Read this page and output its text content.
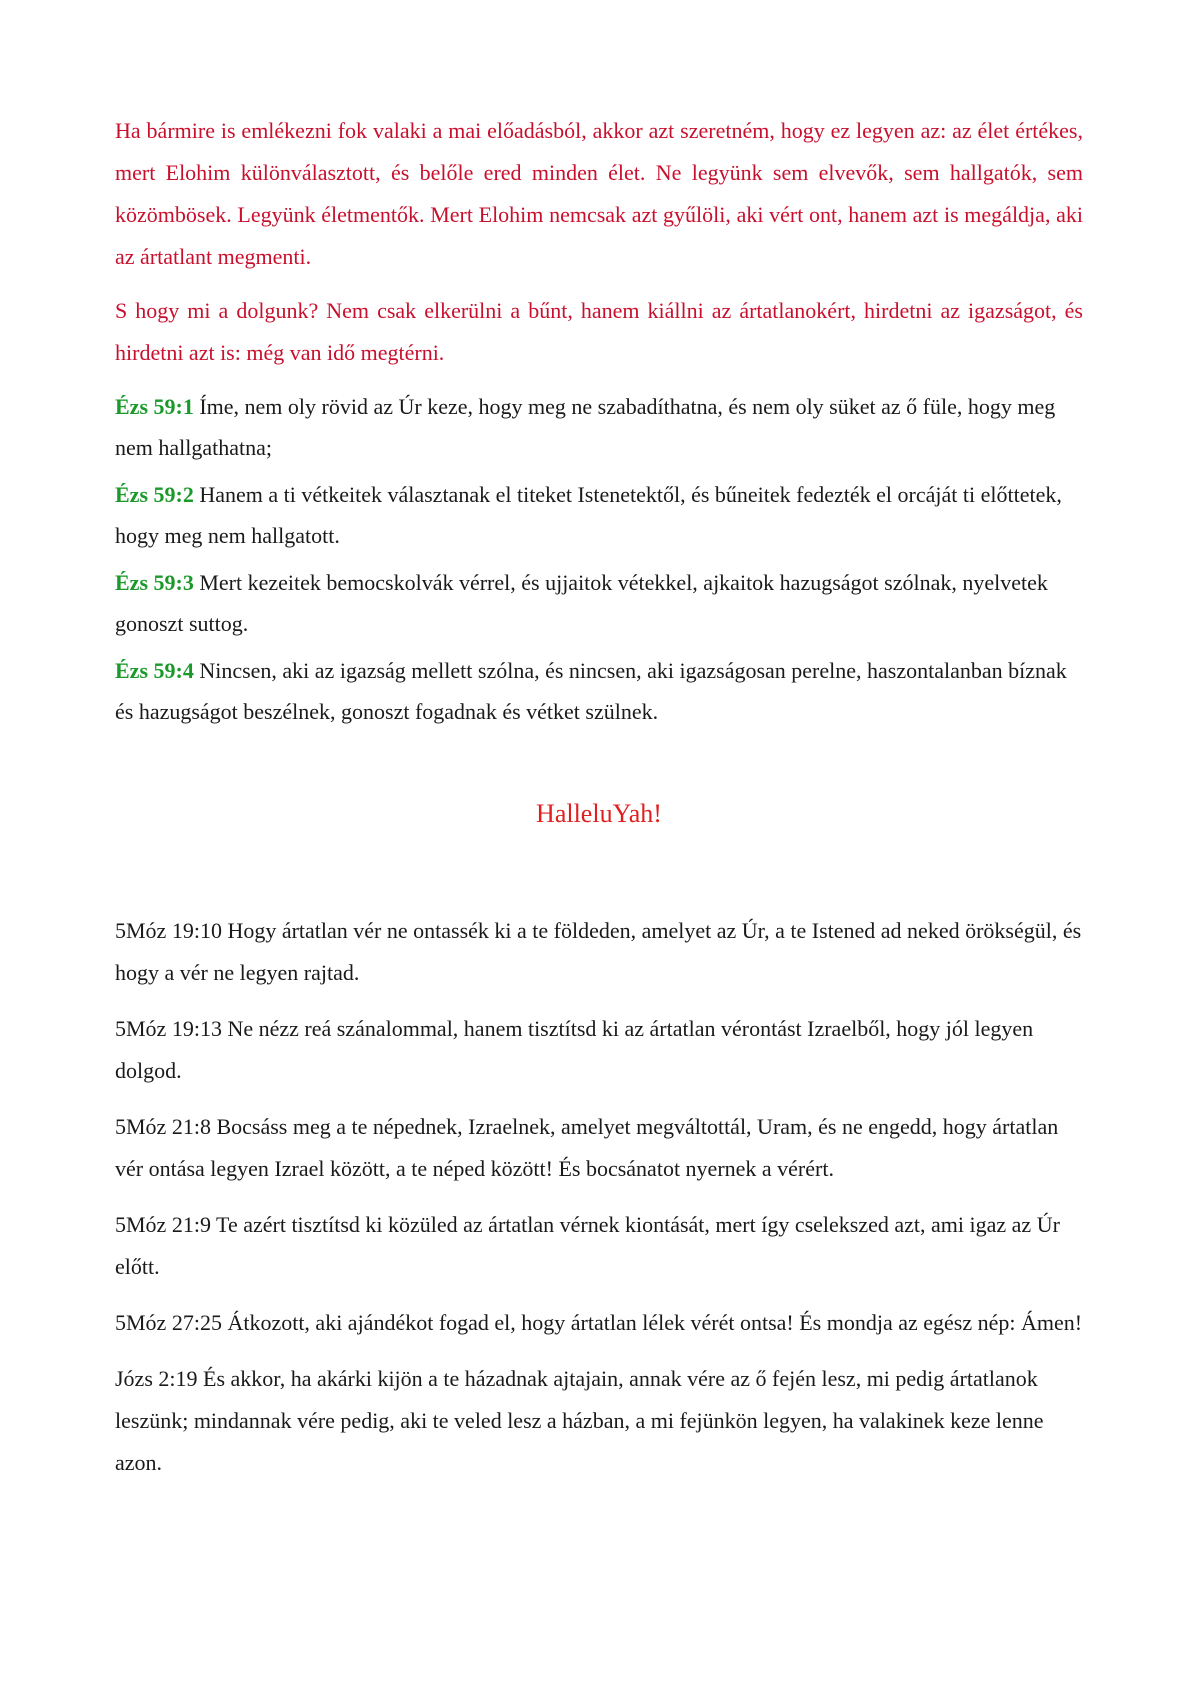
Ha bármire is emlékezni fok valaki a mai előadásból, akkor azt szeretném, hogy ez legyen az: az élet értékes, mert Elohim különválasztott, és belőle ered minden élet. Ne legyünk sem elvevők, sem hallgatók, sem közömbösek. Legyünk életmentők. Mert Elohim nemcsak azt gyűlöli, aki vért ont, hanem azt is megáldja, aki az ártatlant megmenti.

S hogy mi a dolgunk? Nem csak elkerülni a bűnt, hanem kiállni az ártatlanokért, hirdetni az igazságot, és hirdetni azt is: még van idő megtérni.

Ézs 59:1 Íme, nem oly rövid az Úr keze, hogy meg ne szabadíthatna, és nem oly süket az ő füle, hogy meg nem hallgathatna;

Ézs 59:2 Hanem a ti vétkeitek választanak el titeket Istenetektől, és bűneitek fedezték el orcáját ti előttetek, hogy meg nem hallgatott.

Ézs 59:3 Mert kezeitek bemocskolvák vérrel, és ujjaitok vétekkel, ajkaitok hazugságot szólnak, nyelvetek gonoszt suttog.

Ézs 59:4 Nincsen, aki az igazság mellett szólna, és nincsen, aki igazságosan perelne, haszontalanban bíznak és hazugságot beszélnek, gonoszt fogadnak és vétket szülnek.

HalleluYah!

5Móz 19:10 Hogy ártatlan vér ne ontassék ki a te földeden, amelyet az Úr, a te Istened ad neked örökségül, és hogy a vér ne legyen rajtad.

5Móz 19:13 Ne nézz reá szánalommal, hanem tisztítsd ki az ártatlan vérontást Izraelből, hogy jól legyen dolgod.

5Móz 21:8 Bocsáss meg a te népednek, Izraelnek, amelyet megváltottál, Uram, és ne engedd, hogy ártatlan vér ontása legyen Izrael között, a te néped között! És bocsánatot nyernek a vérért.

5Móz 21:9 Te azért tisztítsd ki közüled az ártatlan vérnek kiontását, mert így cselekszed azt, ami igaz az Úr előtt.

5Móz 27:25 Átkozott, aki ajándékot fogad el, hogy ártatlan lélek vérét ontsa! És mondja az egész nép: Ámen!

Józs 2:19 És akkor, ha akárki kijön a te házadnak ajtajain, annak vére az ő fején lesz, mi pedig ártatlanok leszünk; mindannak vére pedig, aki te veled lesz a házban, a mi fejünkön legyen, ha valakinek keze lenne azon.
